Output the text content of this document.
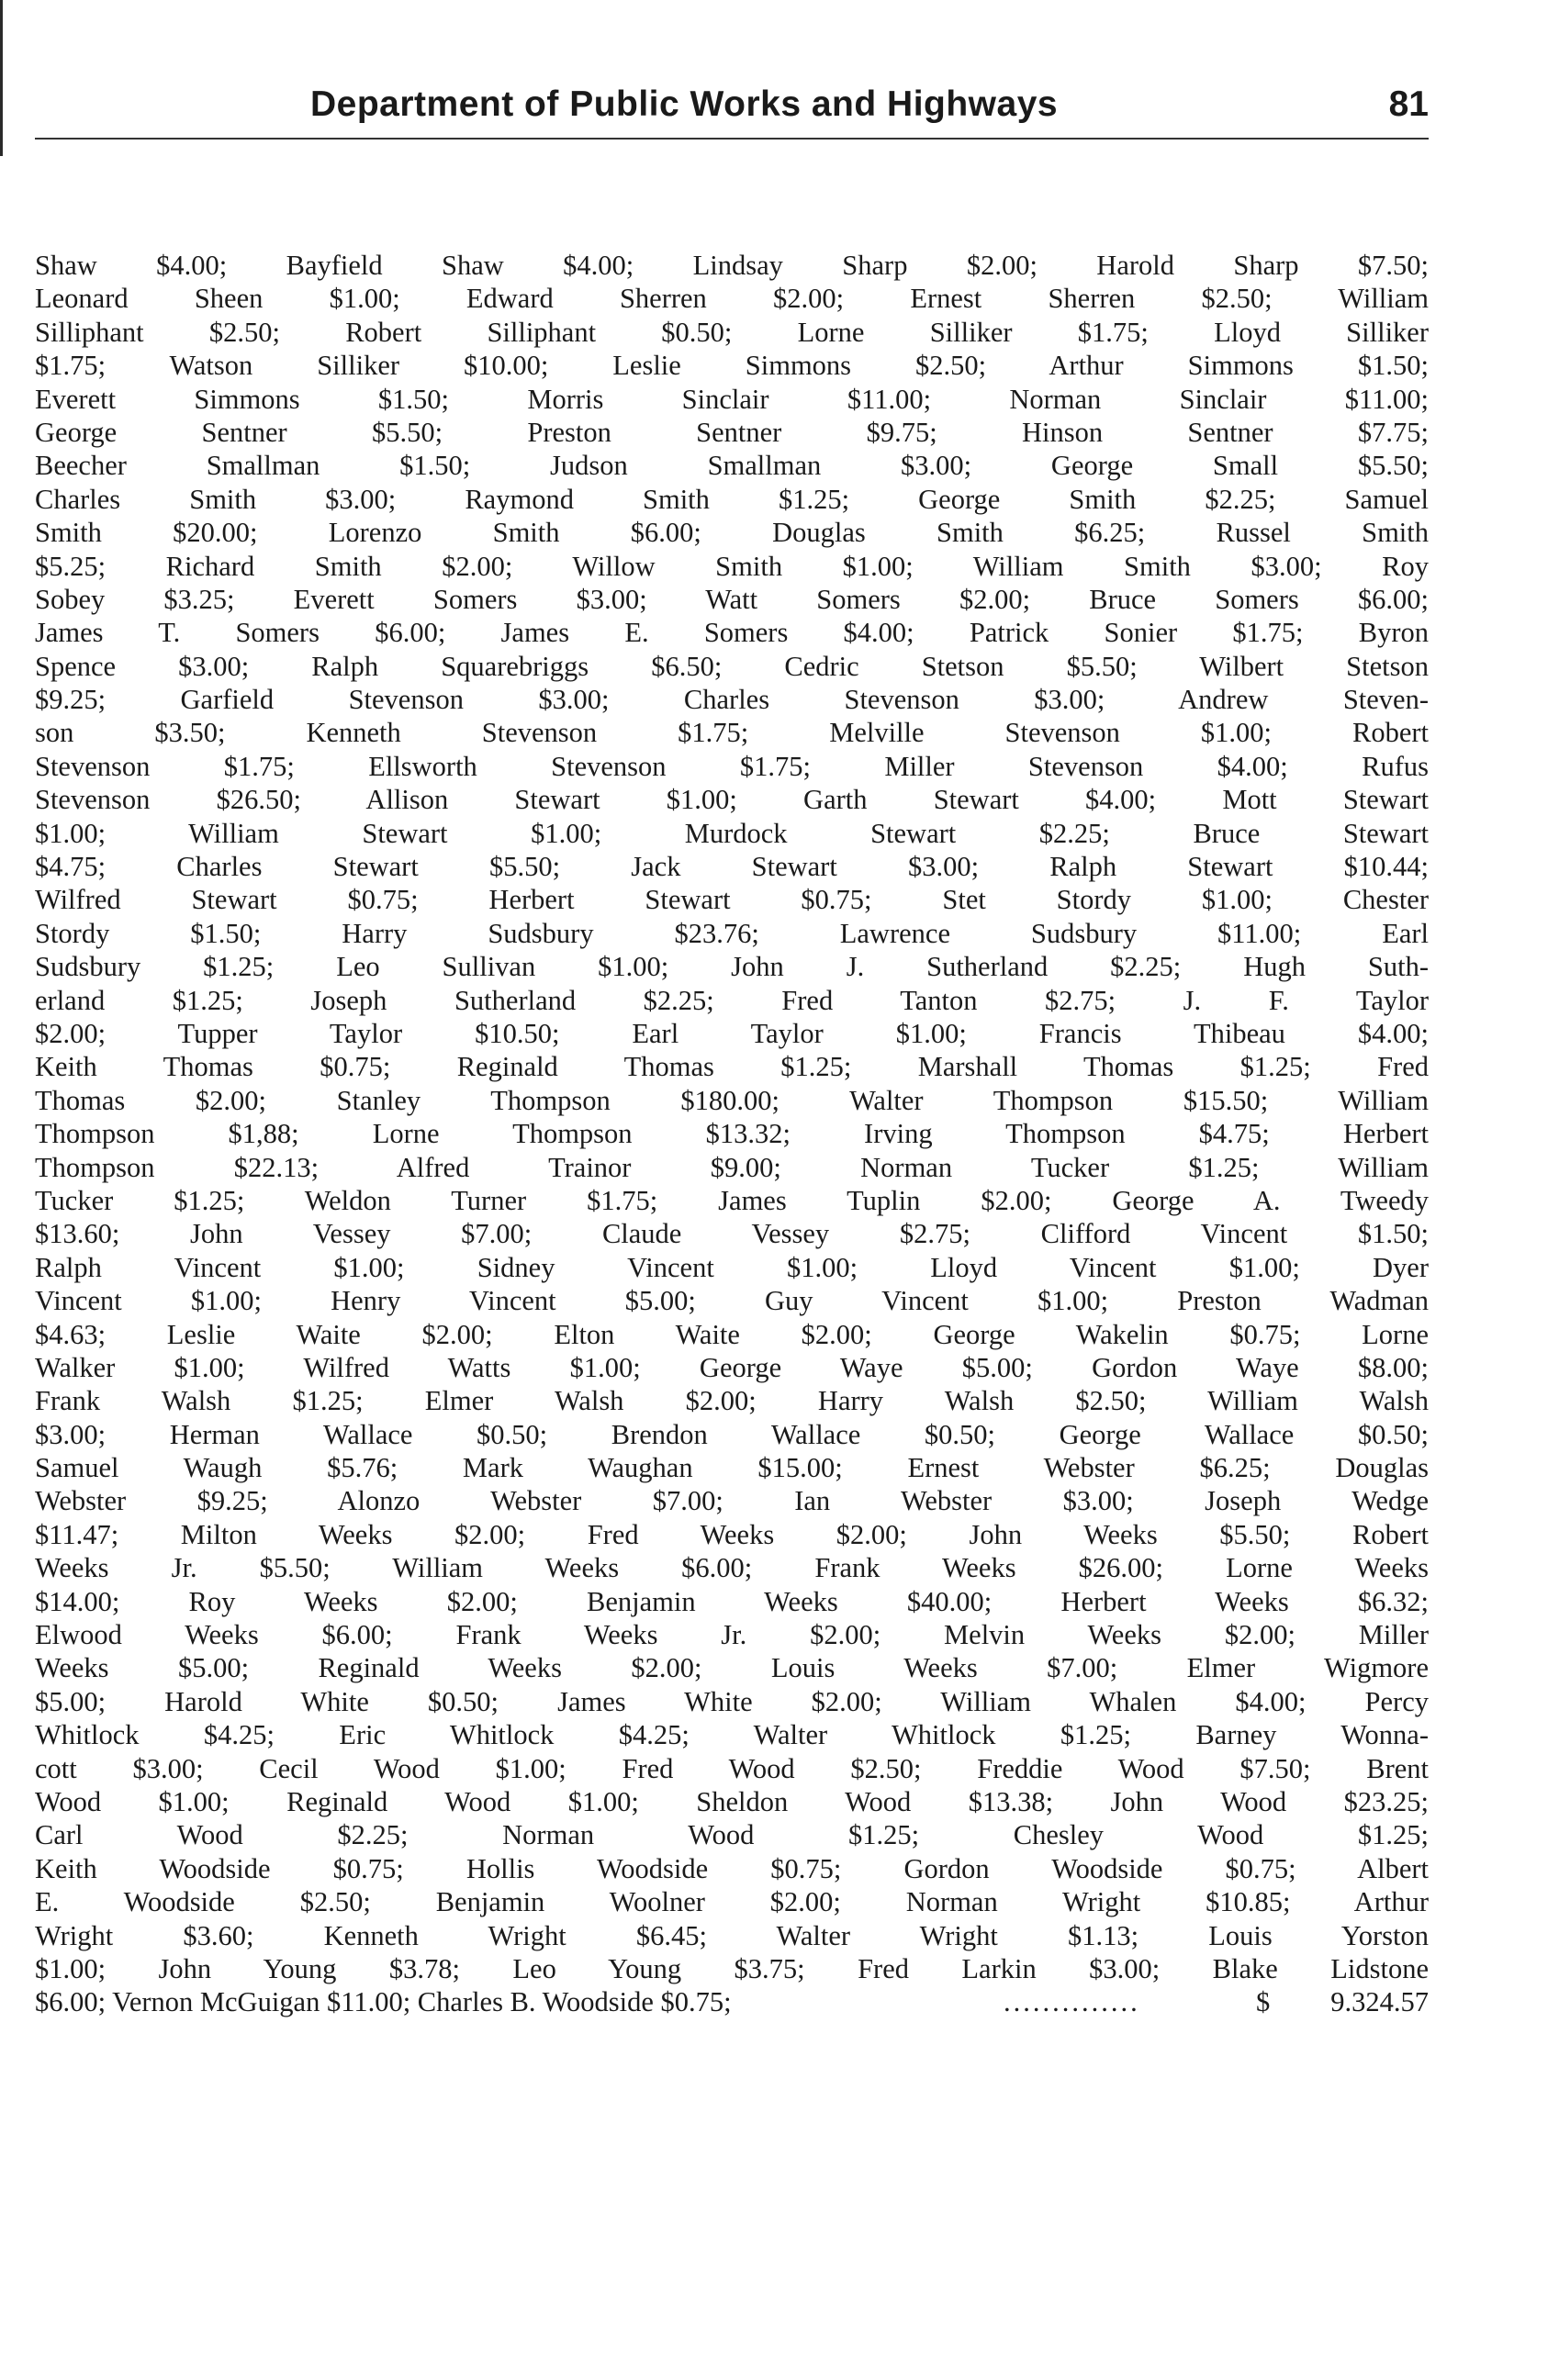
Department of Public Works and Highways	81
Shaw $4.00; Bayfield Shaw $4.00; Lindsay Sharp $2.00; Harold Sharp $7.50;
Leonard Sheen $1.00; Edward Sherren $2.00; Ernest Sherren $2.50; William
Silliphant $2.50; Robert Silliphant $0.50; Lorne Silliker $1.75; Lloyd Silliker
$1.75; Watson Silliker $10.00; Leslie Simmons $2.50; Arthur Simmons $1.50;
Everett Simmons $1.50; Morris Sinclair $11.00; Norman Sinclair $11.00;
George Sentner $5.50; Preston Sentner $9.75; Hinson Sentner $7.75;
Beecher Smallman $1.50; Judson Smallman $3.00; George Small $5.50;
Charles Smith $3.00; Raymond Smith $1.25; George Smith $2.25; Samuel
Smith $20.00; Lorenzo Smith $6.00; Douglas Smith $6.25; Russel Smith
$5.25; Richard Smith $2.00; Willow Smith $1.00; William Smith $3.00; Roy
Sobey $3.25; Everett Somers $3.00; Watt Somers $2.00; Bruce Somers $6.00;
James T. Somers $6.00; James E. Somers $4.00; Patrick Sonier $1.75; Byron
Spence $3.00; Ralph Squarebriggs $6.50; Cedric Stetson $5.50; Wilbert Stetson
$9.25; Garfield Stevenson $3.00; Charles Stevenson $3.00; Andrew Steven-
son $3.50; Kenneth Stevenson $1.75; Melville Stevenson $1.00; Robert
Stevenson $1.75; Ellsworth Stevenson $1.75; Miller Stevenson $4.00; Rufus
Stevenson $26.50; Allison Stewart $1.00; Garth Stewart $4.00; Mott Stewart
$1.00; William Stewart $1.00; Murdock Stewart $2.25; Bruce Stewart
$4.75; Charles Stewart $5.50; Jack Stewart $3.00; Ralph Stewart $10.44;
Wilfred Stewart $0.75; Herbert Stewart $0.75; Stet Stordy $1.00; Chester
Stordy $1.50; Harry Sudsbury $23.76; Lawrence Sudsbury $11.00; Earl
Sudsbury $1.25; Leo Sullivan $1.00; John J. Sutherland $2.25; Hugh Suth-
erland $1.25; Joseph Sutherland $2.25; Fred Tanton $2.75; J. F. Taylor
$2.00; Tupper Taylor $10.50; Earl Taylor $1.00; Francis Thibeau $4.00;
Keith Thomas $0.75; Reginald Thomas $1.25; Marshall Thomas $1.25; Fred
Thomas $2.00; Stanley Thompson $180.00; Walter Thompson $15.50; William
Thompson $1,88; Lorne Thompson $13.32; Irving Thompson $4.75; Herbert
Thompson $22.13; Alfred Trainor $9.00; Norman Tucker $1.25; William
Tucker $1.25; Weldon Turner $1.75; James Tuplin $2.00; George A. Tweedy
$13.60; John Vessey $7.00; Claude Vessey $2.75; Clifford Vincent $1.50;
Ralph Vincent $1.00; Sidney Vincent $1.00; Lloyd Vincent $1.00; Dyer
Vincent $1.00; Henry Vincent $5.00; Guy Vincent $1.00; Preston Wadman
$4.63; Leslie Waite $2.00; Elton Waite $2.00; George Wakelin $0.75; Lorne
Walker $1.00; Wilfred Watts $1.00; George Waye $5.00; Gordon Waye $8.00;
Frank Walsh $1.25; Elmer Walsh $2.00; Harry Walsh $2.50; William Walsh
$3.00; Herman Wallace $0.50; Brendon Wallace $0.50; George Wallace $0.50;
Samuel Waugh $5.76; Mark Waughan $15.00; Ernest Webster $6.25; Douglas
Webster $9.25; Alonzo Webster $7.00; Ian Webster $3.00; Joseph Wedge
$11.47; Milton Weeks $2.00; Fred Weeks $2.00; John Weeks $5.50; Robert
Weeks Jr. $5.50; William Weeks $6.00; Frank Weeks $26.00; Lorne Weeks
$14.00; Roy Weeks $2.00; Benjamin Weeks $40.00; Herbert Weeks $6.32;
Elwood Weeks $6.00; Frank Weeks Jr. $2.00; Melvin Weeks $2.00; Miller
Weeks $5.00; Reginald Weeks $2.00; Louis Weeks $7.00; Elmer Wigmore
$5.00; Harold White $0.50; James White $2.00; William Whalen $4.00; Percy
Whitlock $4.25; Eric Whitlock $4.25; Walter Whitlock $1.25; Barney Wonna-
cott $3.00; Cecil Wood $1.00; Fred Wood $2.50; Freddie Wood $7.50; Brent
Wood $1.00; Reginald Wood $1.00; Sheldon Wood $13.38; John Wood $23.25;
Carl Wood $2.25; Norman Wood $1.25; Chesley Wood $1.25;
Keith Woodside $0.75; Hollis Woodside $0.75; Gordon Woodside $0.75; Albert
E. Woodside $2.50; Benjamin Woolner $2.00; Norman Wright $10.85; Arthur
Wright $3.60; Kenneth Wright $6.45; Walter Wright $1.13; Louis Yorston
$1.00; John Young $3.78; Leo Young $3.75; Fred Larkin $3.00; Blake Lidstone
$6.00; Vernon McGuigan $11.00; Charles B. Woodside $0.75;	..............	$ 9.324.57
